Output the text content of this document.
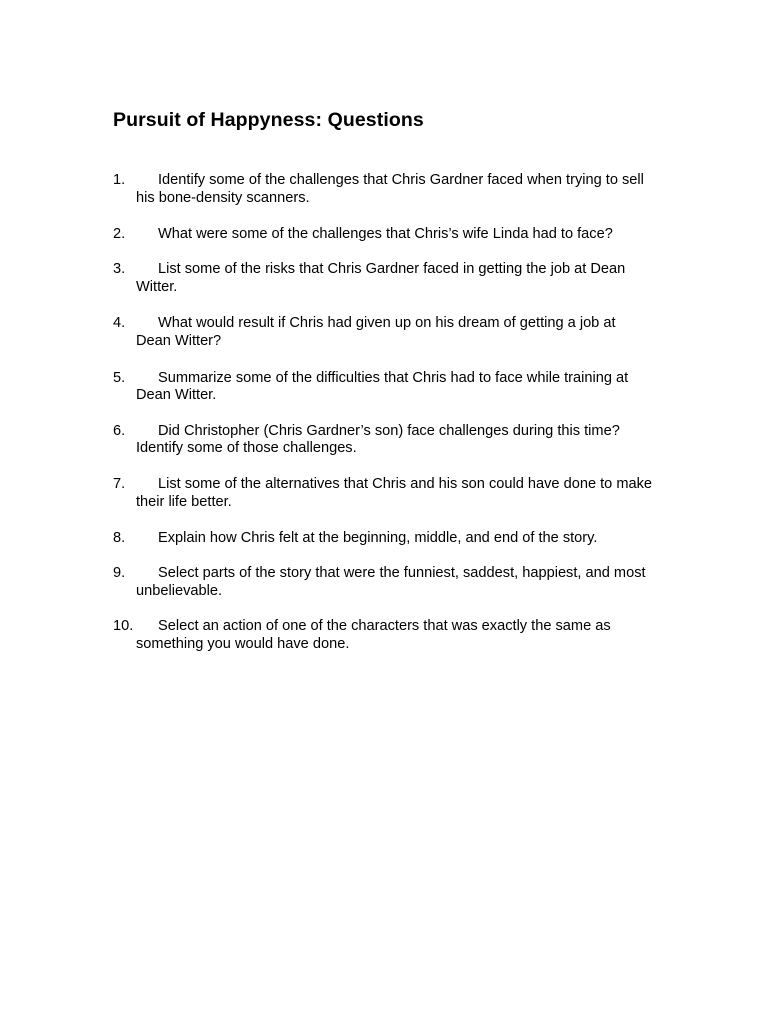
Pursuit of Happyness: Questions
1.	Identify some of the challenges that Chris Gardner faced when trying to sell his bone-density scanners.
2.	What were some of the challenges that Chris’s wife Linda had to face?
3.	List some of the risks that Chris Gardner faced in getting the job at Dean Witter.
4.	What would result if Chris had given up on his dream of getting a job at Dean Witter?
5.	Summarize some of the difficulties that Chris had to face while training at Dean Witter.
6.	Did Christopher (Chris Gardner’s son) face challenges during this time? Identify some of those challenges.
7.	List some of the alternatives that Chris and his son could have done to make their life better.
8.	Explain how Chris felt at the beginning, middle, and end of the story.
9.	Select parts of the story that were the funniest, saddest, happiest, and most unbelievable.
10.	Select an action of one of the characters that was exactly the same as something you would have done.
